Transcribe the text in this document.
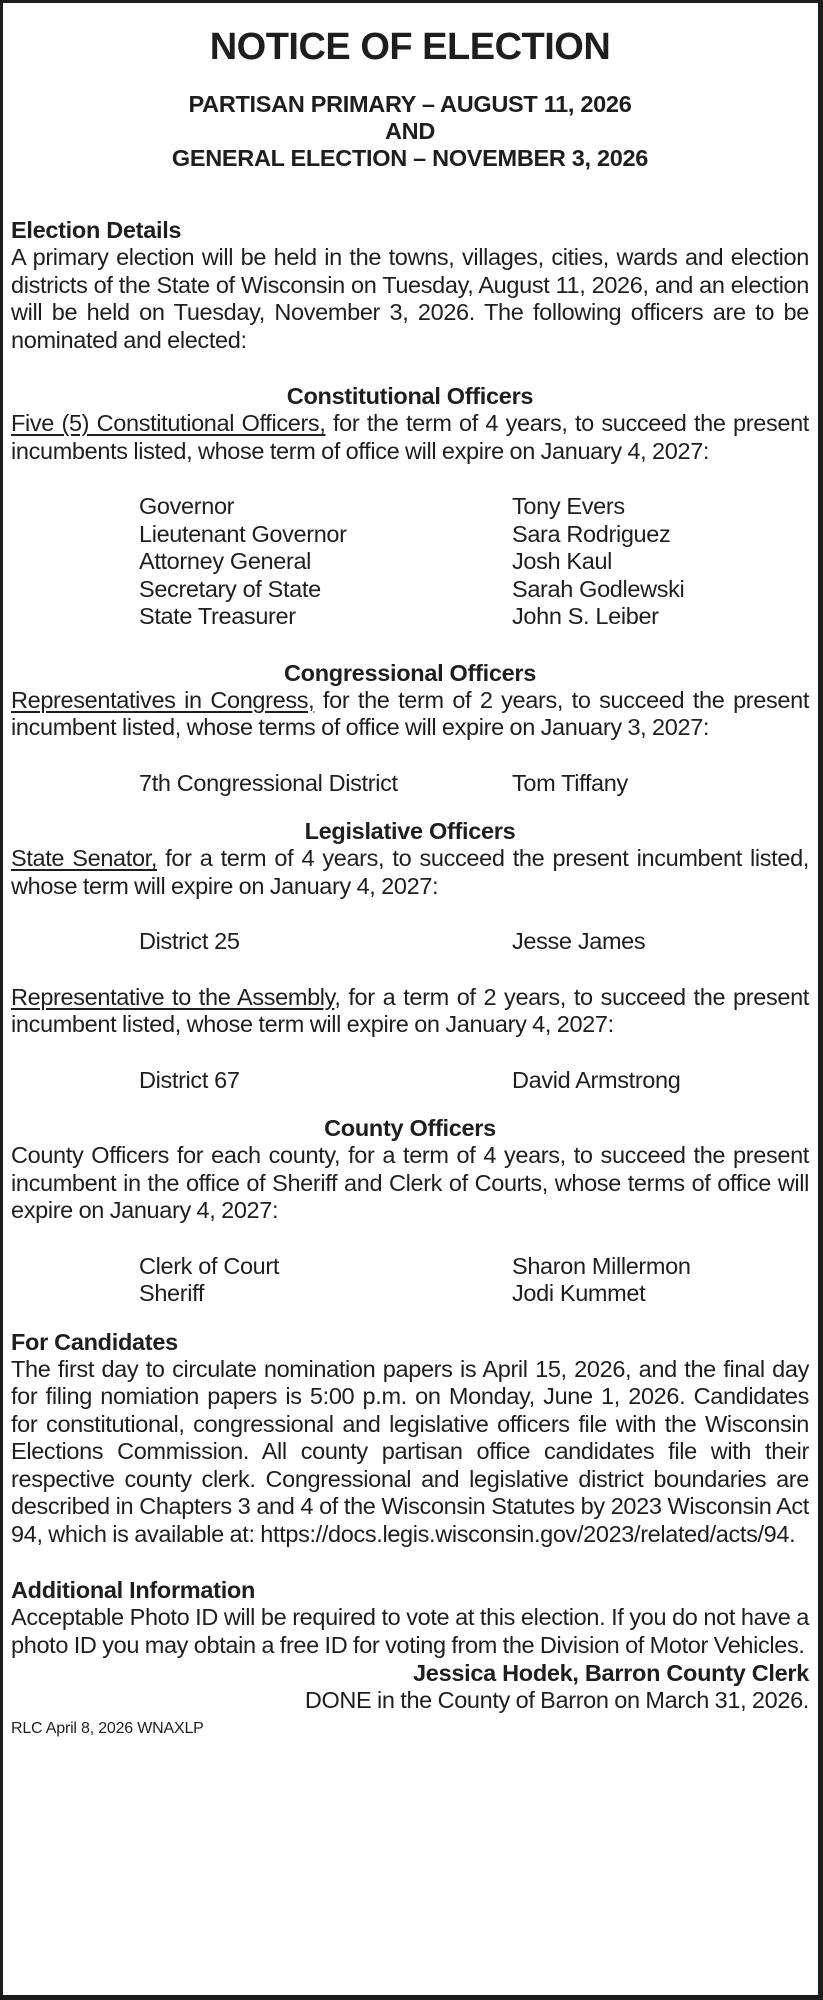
NOTICE OF ELECTION
PARTISAN PRIMARY – AUGUST 11, 2026
AND
GENERAL ELECTION – NOVEMBER 3, 2026
Election Details
A primary election will be held in the towns, villages, cities, wards and election districts of the State of Wisconsin on Tuesday, August 11, 2026, and an election will be held on Tuesday, November 3, 2026. The following officers are to be nominated and elected:
Constitutional Officers
Five (5) Constitutional Officers, for the term of 4 years, to succeed the present incumbents listed, whose term of office will expire on January 4, 2027:
Governor	Tony Evers
Lieutenant Governor	Sara Rodriguez
Attorney General	Josh Kaul
Secretary of State	Sarah Godlewski
State Treasurer	John S. Leiber
Congressional Officers
Representatives in Congress, for the term of 2 years, to succeed the present incumbent listed, whose terms of office will expire on January 3, 2027:
7th Congressional District	Tom Tiffany
Legislative Officers
State Senator, for a term of 4 years, to succeed the present incumbent listed, whose term will expire on January 4, 2027:
District 25	Jesse James
Representative to the Assembly, for a term of 2 years, to succeed the present incumbent listed, whose term will expire on January 4, 2027:
District 67	David Armstrong
County Officers
County Officers for each county, for a term of 4 years, to succeed the present incumbent in the office of Sheriff and Clerk of Courts, whose terms of office will expire on January 4, 2027:
Clerk of Court	Sharon Millermon
Sheriff	Jodi Kummet
For Candidates
The first day to circulate nomination papers is April 15, 2026, and the final day for filing nomiation papers is 5:00 p.m. on Monday, June 1, 2026. Candidates for constitutional, congressional and legislative officers file with the Wisconsin Elections Commission. All county partisan office candidates file with their respective county clerk. Congressional and legislative district boundaries are described in Chapters 3 and 4 of the Wisconsin Statutes by 2023 Wisconsin Act 94, which is available at: https://docs.legis.wisconsin.gov/2023/related/acts/94.
Additional Information
Acceptable Photo ID will be required to vote at this election. If you do not have a photo ID you may obtain a free ID for voting from the Division of Motor Vehicles.
Jessica Hodek, Barron County Clerk
DONE in the County of Barron on March 31, 2026.
RLC April 8, 2026 WNAXLP
